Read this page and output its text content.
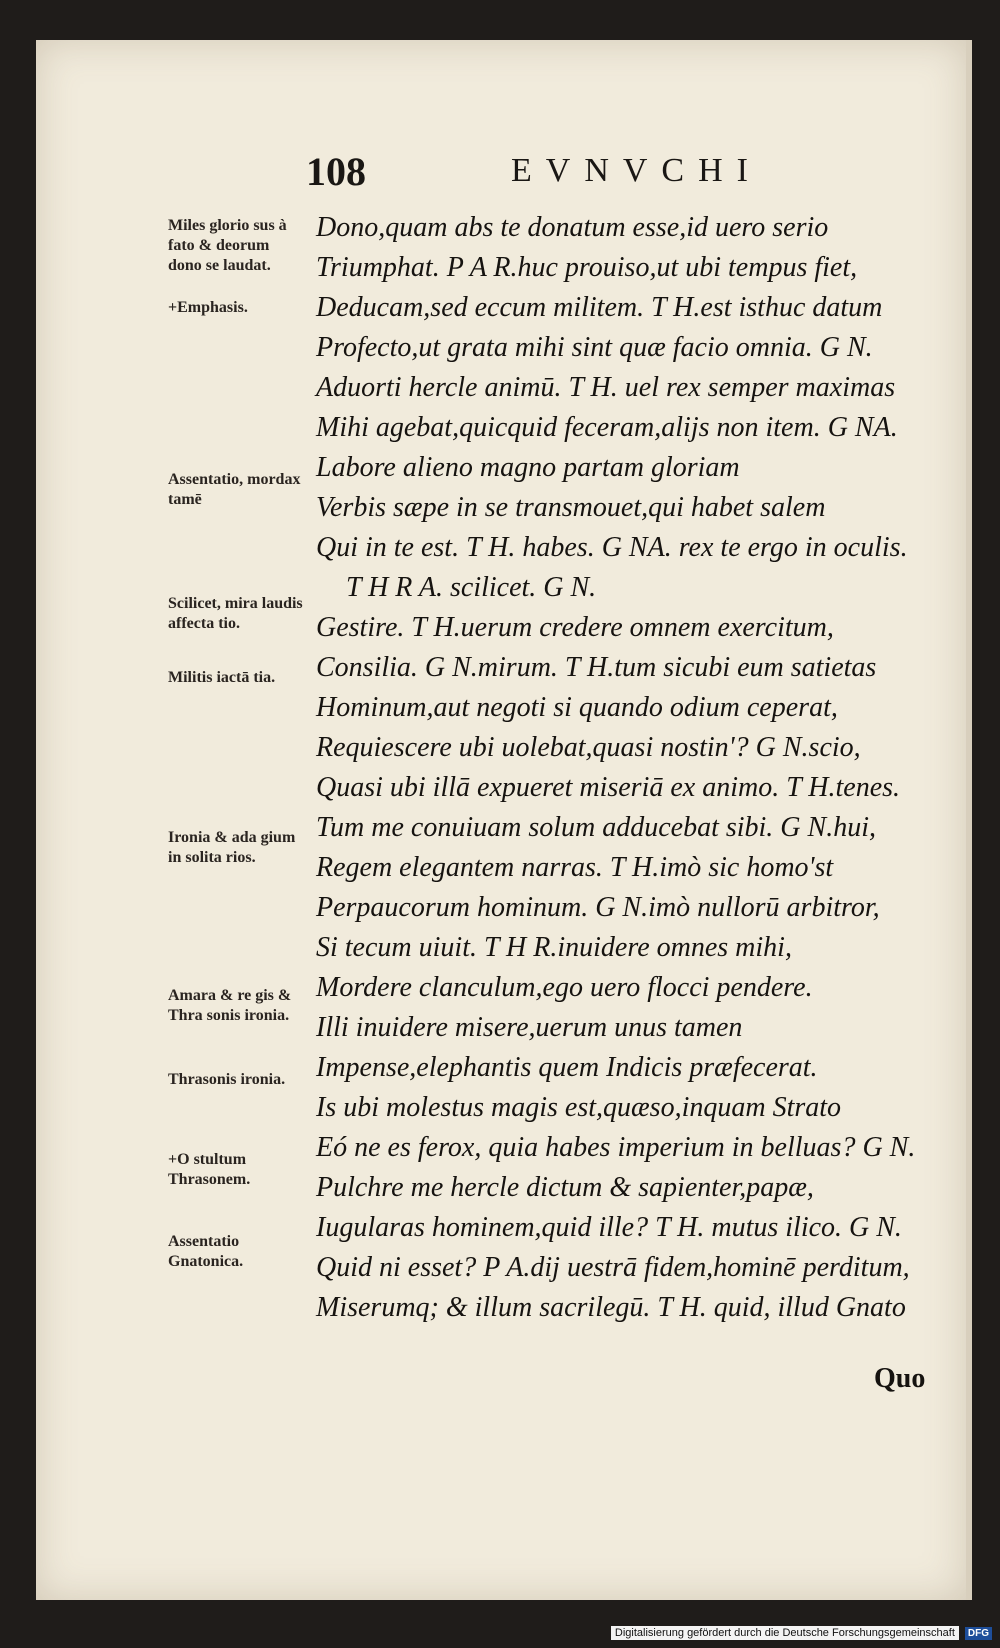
108	EVNVCHI
Miles glorio sus à fato & deorum dono se laudat.
+Emphasis.
Assentatio, mordax tamē
Scilicet, mira laudis affecta tio.
Militis iactā tia.
Ironia & ada gium in solita rios.
Amara & re gis & Thra sonis ironia.
Thrasonis ironia.
+O stultum Thrasonem.
Assentatio Gnatonica.
Dono,quam abs te donatum esse,id uero serio
Triumphat. P A R.huc prouiso,ut ubi tempus fiet,
Deducam,sed eccum militem. T H.est isthuc datum
Profecto,ut grata mihi sint quæ facio omnia. G N.
Aduorti hercle animū. T H. uel rex semper maximas
Mihi agebat,quicquid feceram,alijs non item. G NA.
Labore alieno magno partam gloriam
Verbis sæpe in se transmouet,qui habet salem
Qui in te est. T H. habes. G NA. rex te ergo in oculis.
T H R A. scilicet. G N.
Gestire. T H.uerum credere omnem exercitum,
Consilia. G N.mirum. T H.tum sicubi eum satietas
Hominum,aut negoti si quando odium ceperat,
Requiescere ubi uolebat,quasi nostin'? G N.scio,
Quasi ubi illā expueret miseriā ex animo. T H.tenes.
Tum me conuiuam solum adducebat sibi. G N.hui,
Regem elegantem narras. T H.imò sic homo'st
Perpaucorum hominum. G N.imò nullorū arbitror,
Si tecum uiuit. T H R.inuidere omnes mihi,
Mordere clanculum,ego uero flocci pendere.
Illi inuidere misere,uerum unus tamen
Impense,elephantis quem Indicis præfecerat.
Is ubi molestus magis est,quæso,inquam Strato
Eó ne es ferox, quia habes imperium in belluas? G N.
Pulchre me hercle dictum & sapienter,papæ,
Iugularas hominem,quid ille? T H. mutus ilico. G N.
Quid ni esset? P A.dij uestrā fidem,hominē perditum,
Miserumq; & illum sacrilegū. T H. quid, illud Gnato
Quo
Digitalisierung gefördert durch die Deutsche Forschungsgemeinschaft	DFG
